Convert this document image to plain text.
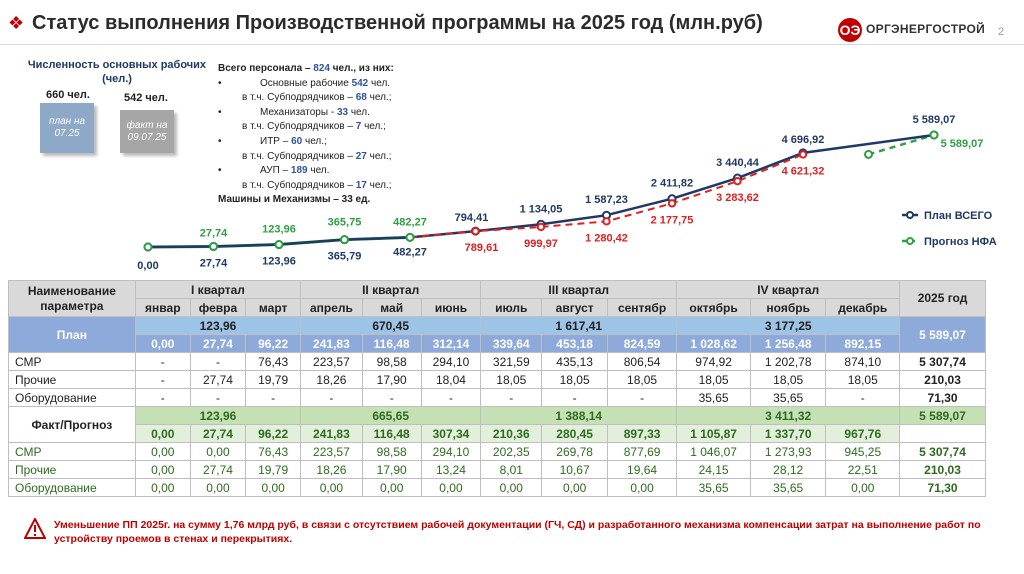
❖ Статус выполнения Производственной программы на 2025 год (млн.руб)	ОЭ ОРГЭНЕРГОСТРОЙ 2
Численность основных рабочих (чел.)
660 чел.	542 чел.
план на 07.25
факт на 09.07.25
Всего персонала – 824 чел., из них:
•	Основные рабочие 542 чел.
в т.ч. Субподрядчиков – 68 чел.;
•	Механизаторы - 33 чел.
в т.ч. Субподрядчиков – 7 чел.;
•	ИТР – 60 чел.;
в т.ч. Субподрядчиков – 27 чел.;
•	АУП – 189 чел.
в т.ч. Субподрядчиков – 17 чел.;
Машины и Механизмы – 33 ед.
0,00	27,74	123,96	365,79	482,27
794,41
1 134,05
1 587,23
2 411,82
3 440,44
4 696,92
5 589,07
27,74	123,96
365,75	482,27
5 589,07
789,61 999,97 1 280,42
2 177,75
3 283,62
4 621,32
План ВСЕГО
Прогноз НФА
Наименование параметра	I квартал			II квартал			III квартал			IV квартал			2025 год
	январ	февра	март	апрель	май	июнь	июль	август	сентябр	октябрь	ноябрь	декабрь	
План	123,96			670,45			1 617,41			3 177,25			5 589,07
	0,00	27,74	96,22	241,83	116,48	312,14	339,64	453,18	824,59	1 028,62	1 256,48	892,15	
СМР	-	-	76,43	223,57	98,58	294,10	321,59	435,13	806,54	974,92	1 202,78	874,10	5 307,74
Прочие	-	27,74	19,79	18,26	17,90	18,04	18,05	18,05	18,05	18,05	18,05	18,05	210,03
Оборудование	-	-	-	-	-	-	-	-	-	35,65	35,65	-	71,30
Факт/Прогноз	123,96			665,65			1 388,14			3 411,32			5 589,07
	0,00	27,74	96,22	241,83	116,48	307,34	210,36	280,45	897,33	1 105,87	1 337,70	967,76	
СМР	0,00	0,00	76,43	223,57	98,58	294,10	202,35	269,78	877,69	1 046,07	1 273,93	945,25	5 307,74
Прочие	0,00	27,74	19,79	18,26	17,90	13,24	8,01	10,67	19,64	24,15	28,12	22,51	210,03
Оборудование	0,00	0,00	0,00	0,00	0,00	0,00	0,00	0,00	0,00	35,65	35,65	0,00	71,30
Уменьшение ПП 2025г. на сумму 1,76 млрд руб, в связи с отсутствием рабочей документации (ГЧ, СД) и разработанного механизма компенсации затрат на выполнение работ по устройству проемов в стенах и перекрытиях.
